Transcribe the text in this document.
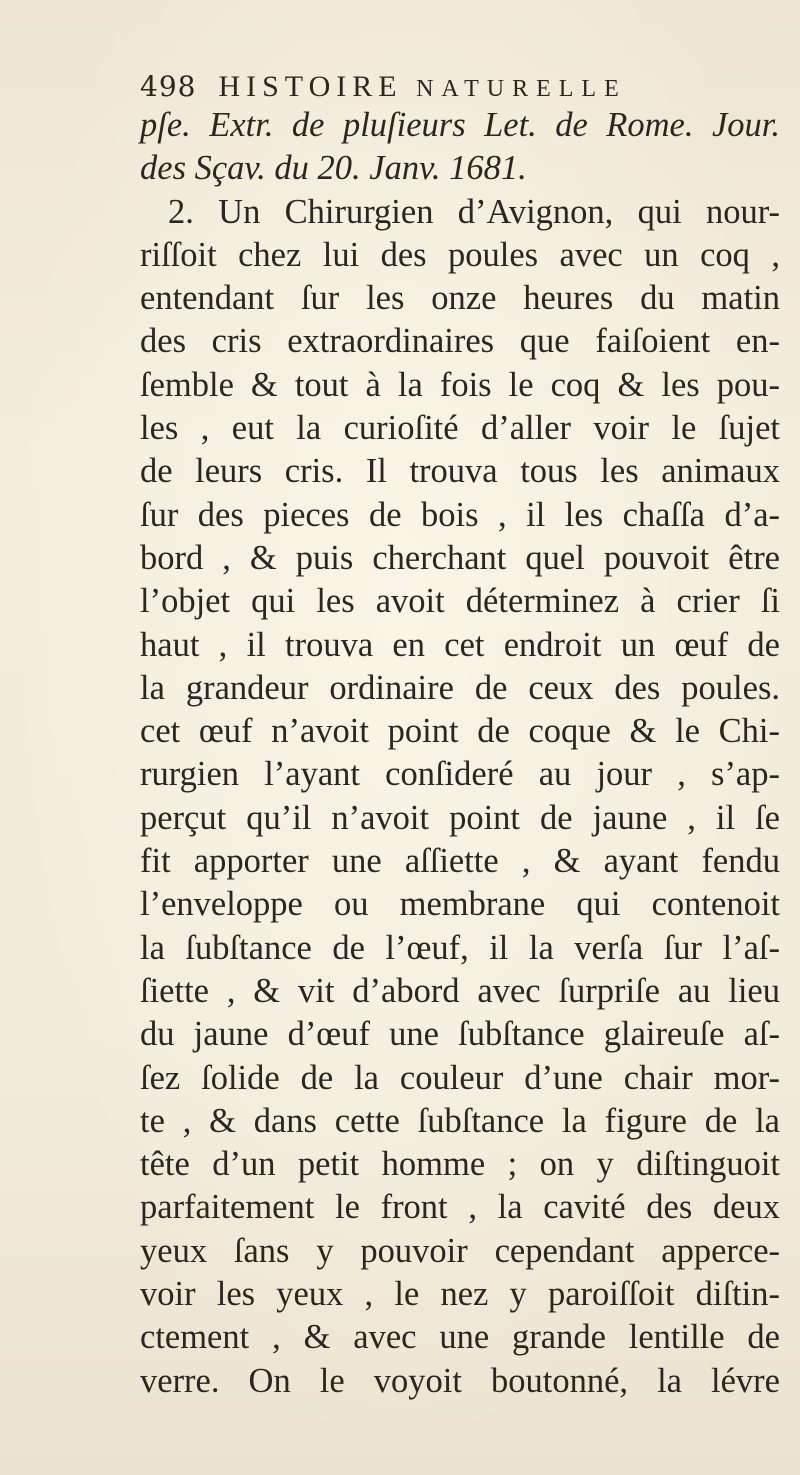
498 HISTOIRE NATURELLE
pſe. Extr. de pluſieurs Let. de Rome. Jour.
des Sçav. du 20. Janv. 1681.
2. Un Chirurgien d’Avignon, qui nour-
riſſoit chez lui des poules avec un coq ,
entendant ſur les onze heures du matin
des cris extraordinaires que faiſoient en-
ſemble & tout à la fois le coq & les pou-
les , eut la curioſité d’aller voir le ſujet
de leurs cris. Il trouva tous les animaux
ſur des pieces de bois , il les chaſſa d’a-
bord , & puis cherchant quel pouvoit être
l’objet qui les avoit déterminez à crier ſi
haut , il trouva en cet endroit un œuf de
la grandeur ordinaire de ceux des poules.
cet œuf n’avoit point de coque & le Chi-
rurgien l’ayant conſideré au jour , s’ap-
perçut qu’il n’avoit point de jaune , il ſe
fit apporter une aſſiette , & ayant fendu
l’enveloppe ou membrane qui contenoit
la ſubſtance de l’œuf, il la verſa ſur l’aſ-
ſiette , & vit d’abord avec ſurpriſe au lieu
du jaune d’œuf une ſubſtance glaireuſe aſ-
ſez ſolide de la couleur d’une chair mor-
te , & dans cette ſubſtance la figure de la
tête d’un petit homme ; on y diſtinguoit
parfaitement le front , la cavité des deux
yeux ſans y pouvoir cependant apperce-
voir les yeux , le nez y paroiſſoit diſtin-
ctement , & avec une grande lentille de
verre. On le voyoit boutonné, la lévre
